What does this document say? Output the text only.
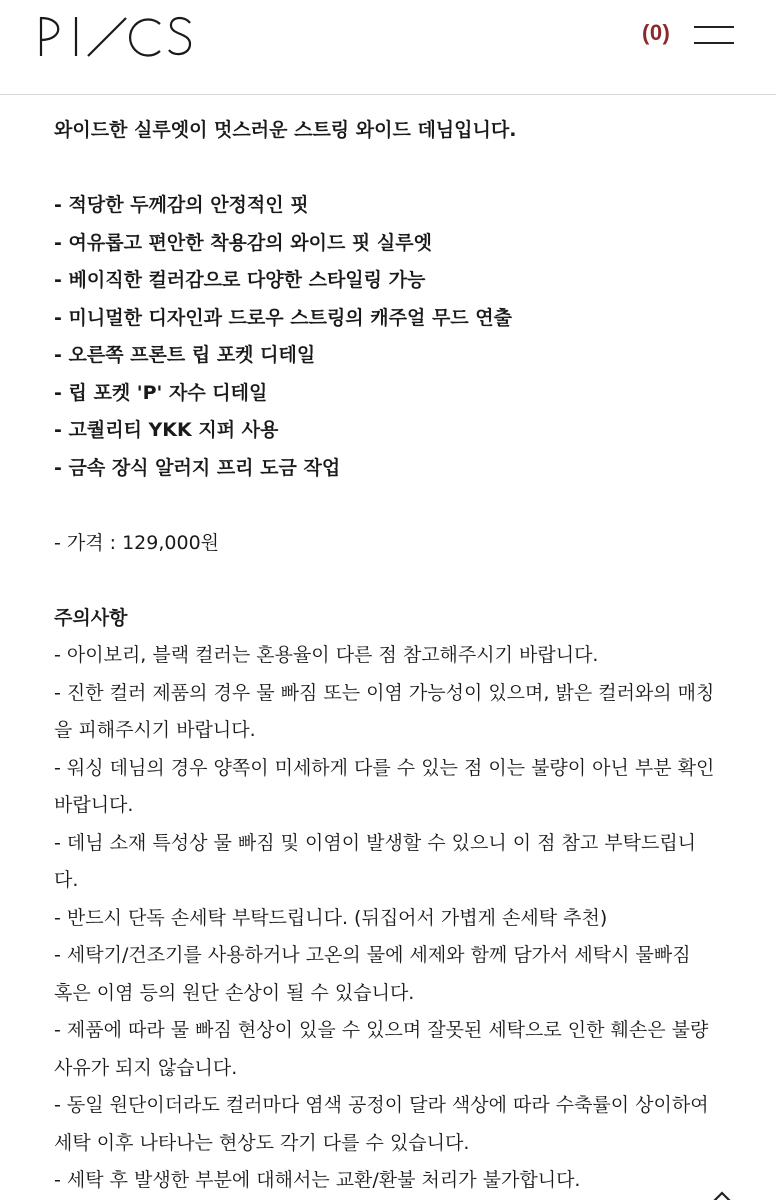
(0)
와이드한 실루엣이 멋스러운 스트링 와이드 데님입니다.
- 적당한 두께감의 안정적인 핏
- 여유롭고 편안한 착용감의 와이드 핏 실루엣
- 베이직한 컬러감으로 다양한 스타일링 가능
- 미니멀한 디자인과 드로우 스트링의 캐주얼 무드 연출
- 오른쪽 프론트 립 포켓 디테일
- 립 포켓 'P' 자수 디테일
- 고퀄리티 YKK 지퍼 사용
- 금속 장식 알러지 프리 도금 작업
- 가격 : 129,000원
주의사항
- 아이보리, 블랙 컬러는 혼용율이 다른 점 참고해주시기 바랍니다.
- 진한 컬러 제품의 경우 물 빠짐 또는 이염 가능성이 있으며, 밝은 컬러와의 매칭
을 피해주시기 바랍니다.
- 워싱 데님의 경우 양쪽이 미세하게 다를 수 있는 점 이는 불량이 아닌 부분 확인
바랍니다.
- 데님 소재 특성상 물 빠짐 및 이염이 발생할 수 있으니 이 점 참고 부탁드립니
다.
- 반드시 단독 손세탁 부탁드립니다. (뒤집어서 가볍게 손세탁 추천)
- 세탁기/건조기를 사용하거나 고온의 물에 세제와 함께 담가서 세탁시 물빠짐
혹은 이염 등의 원단 손상이 될 수 있습니다.
- 제품에 따라 물 빠짐 현상이 있을 수 있으며 잘못된 세탁으로 인한 훼손은 불량
사유가 되지 않습니다.
- 동일 원단이더라도 컬러마다 염색 공정이 달라 색상에 따라 수축률이 상이하여
세탁 이후 나타나는 현상도 각기 다를 수 있습니다.
- 세탁 후 발생한 부분에 대해서는 교환/환불 처리가 불가합니다.
